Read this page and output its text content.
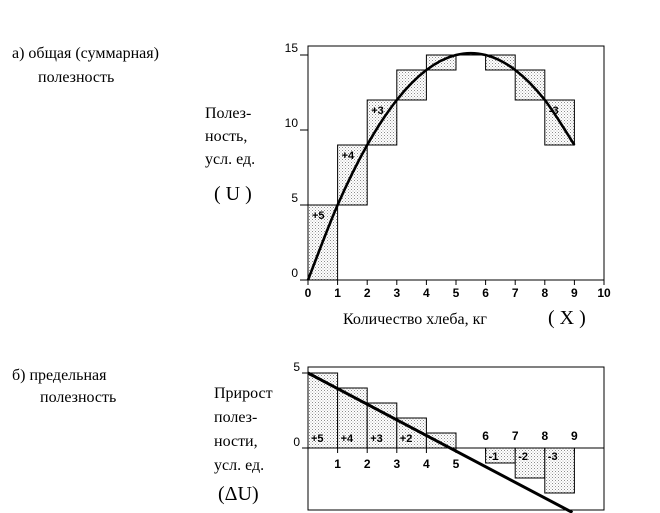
а) общая (суммарная)
полезность
Полез-
ность,
усл. ед.
( U )
Количество хлеба, кг	( X )
0
5
10
15
0 1 2 3 4 5 6 7 8 9 10
+5
+4
+3	-3
б) предельная
полезность	Прирост
полез-
ности,
усл. ед.
(ΔU)
5
0
1 2 3 4 5
6 7 8 9
+5 +4 +3 +2
-1 -2 -3
